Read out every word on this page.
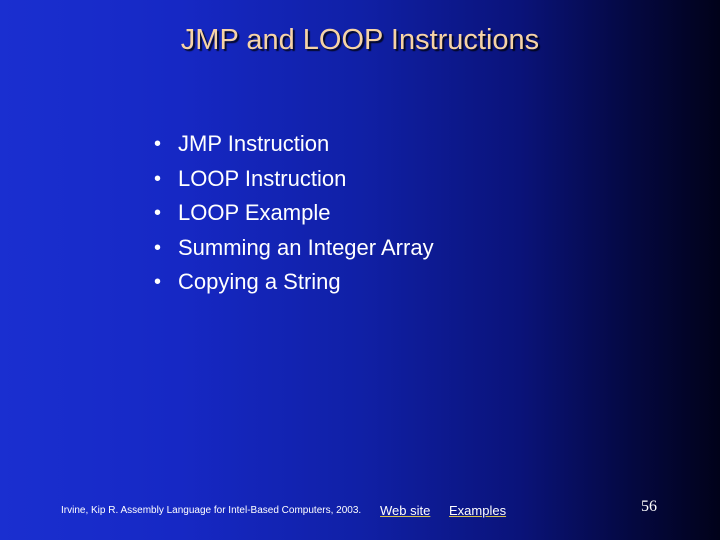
JMP and LOOP Instructions
• JMP Instruction
• LOOP Instruction
• LOOP Example
• Summing an Integer Array
• Copying a String
Irvine, Kip R. Assembly Language for Intel-Based Computers, 2003. Web site Examples	56
